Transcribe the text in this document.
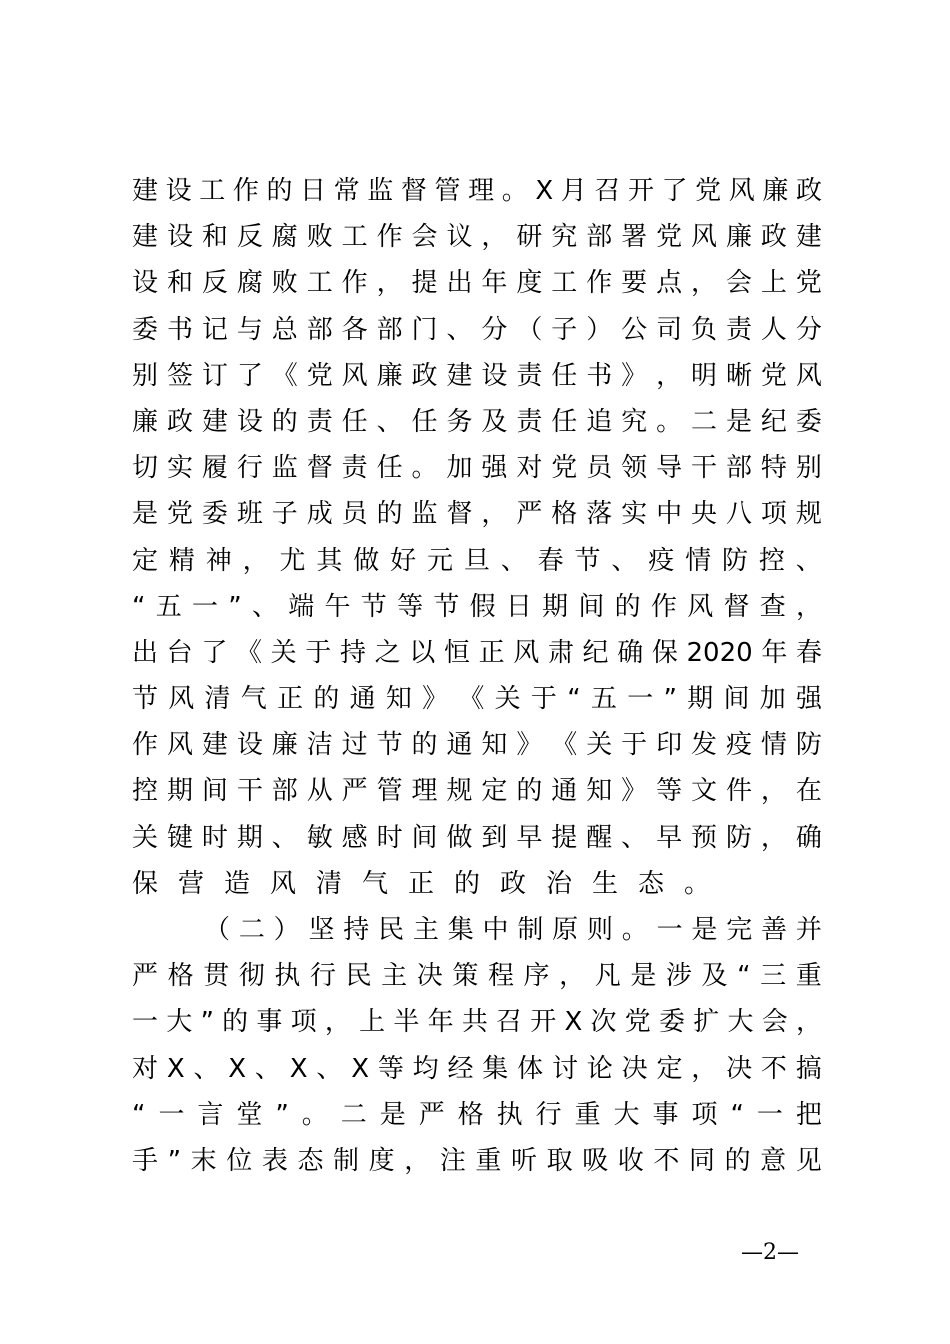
建 设 工 作 的 日 常 监 督 管 理 。 X 月 召 开 了 党 风 廉 政
建 设 和 反 腐 败 工 作 会 议 ， 研 究 部 署 党 风 廉 政 建
设 和 反 腐 败 工 作 ， 提 出 年 度 工 作 要 点 ， 会 上 党
委 书 记 与 总 部 各 部 门 、 分 （ 子 ） 公 司 负 责 人 分
别 签 订 了 《 党 风 廉 政 建 设 责 任 书 》 ， 明 晰 党 风
廉 政 建 设 的 责 任 、 任 务 及 责 任 追 究 。 二 是 纪 委
切 实 履 行 监 督 责 任 。 加 强 对 党 员 领 导 干 部 特 别
是 党 委 班 子 成 员 的 监 督 ， 严 格 落 实 中 央 八 项 规
定 精 神 ， 尤 其 做 好 元 旦 、 春 节 、 疫 情 防 控 、
“ 五 一 ” 、 端 午 节 等 节 假 日 期 间 的 作 风 督 查 ，
出 台 了 《 关 于 持 之 以 恒 正 风 肃 纪 确 保 2020 年 春
节 风 清 气 正 的 通 知 》 《 关 于 “ 五 一 ” 期 间 加 强
作 风 建 设 廉 洁 过 节 的 通 知 》 《 关 于 印 发 疫 情 防
控 期 间 干 部 从 严 管 理 规 定 的 通 知 》 等 文 件 ， 在
关 键 时 期 、 敏 感 时 间 做 到 早 提 醒 、 早 预 防 ， 确
保营造风清气正的政治生态。
（ 二 ） 坚 持 民 主 集 中 制 原 则 。 一 是 完 善 并
严 格 贯 彻 执 行 民 主 决 策 程 序 ， 凡 是 涉 及 “ 三 重
一 大 ” 的 事 项 ， 上 半 年 共 召 开 X 次 党 委 扩 大 会 ，
对 X 、 X 、 X 、 X 等 均 经 集 体 讨 论 决 定 ， 决 不 搞
“ 一 言 堂 ” 。 二 是 严 格 执 行 重 大 事 项 “ 一 把
手 ” 末 位 表 态 制 度 ， 注 重 听 取 吸 收 不 同 的 意 见
—2—
